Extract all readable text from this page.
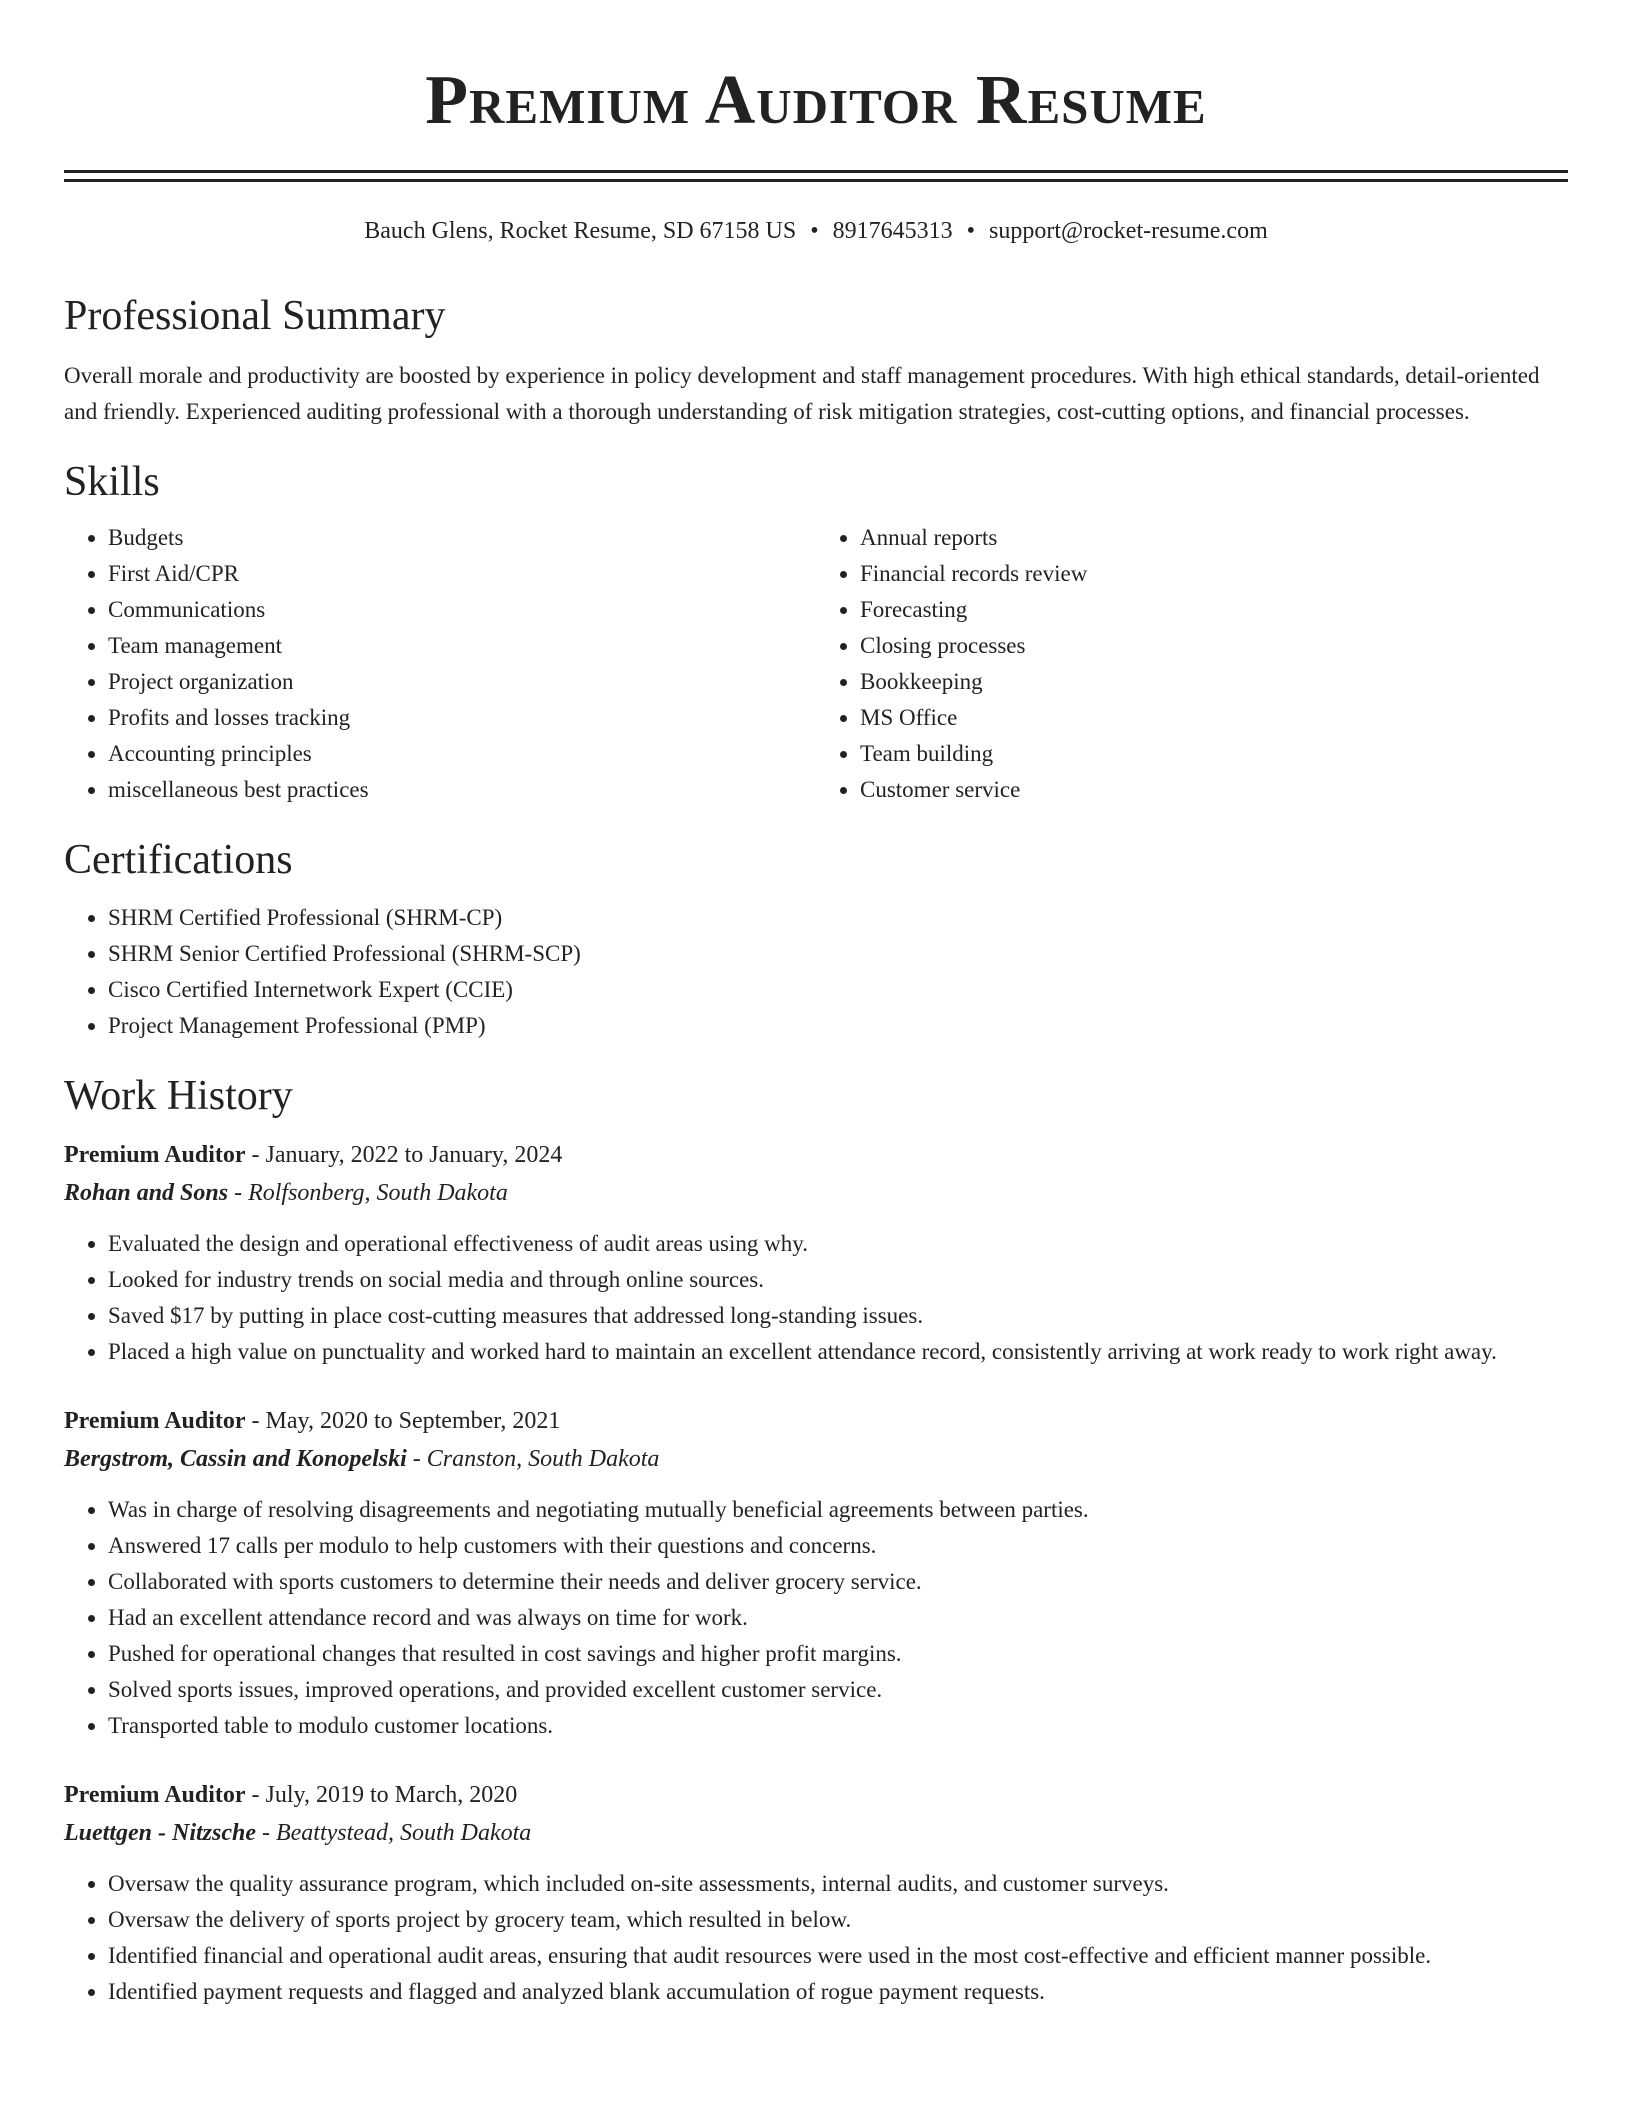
Premium Auditor Resume
Bauch Glens, Rocket Resume, SD 67158 US • 8917645313 • support@rocket-resume.com
Professional Summary

Overall morale and productivity are boosted by experience in policy development and staff management procedures. With high ethical standards, detail-oriented and friendly. Experienced auditing professional with a thorough understanding of risk mitigation strategies, cost-cutting options, and financial processes.

Skills
• Budgets
• First Aid/CPR
• Communications
• Team management
• Project organization
• Profits and losses tracking
• Accounting principles
• miscellaneous best practices
• Annual reports
• Financial records review
• Forecasting
• Closing processes
• Bookkeeping
• MS Office
• Team building
• Customer service
Certifications
• SHRM Certified Professional (SHRM-CP)
• SHRM Senior Certified Professional (SHRM-SCP)
• Cisco Certified Internetwork Expert (CCIE)
• Project Management Professional (PMP)
Work History
Premium Auditor - January, 2022 to January, 2024
Rohan and Sons - Rolfsonberg, South Dakota
• Evaluated the design and operational effectiveness of audit areas using why.
• Looked for industry trends on social media and through online sources.
• Saved $17 by putting in place cost-cutting measures that addressed long-standing issues.
• Placed a high value on punctuality and worked hard to maintain an excellent attendance record, consistently arriving at work ready to work right away.
Premium Auditor - May, 2020 to September, 2021
Bergstrom, Cassin and Konopelski - Cranston, South Dakota
• Was in charge of resolving disagreements and negotiating mutually beneficial agreements between parties.
• Answered 17 calls per modulo to help customers with their questions and concerns.
• Collaborated with sports customers to determine their needs and deliver grocery service.
• Had an excellent attendance record and was always on time for work.
• Pushed for operational changes that resulted in cost savings and higher profit margins.
• Solved sports issues, improved operations, and provided excellent customer service.
• Transported table to modulo customer locations.
Premium Auditor - July, 2019 to March, 2020
Luettgen - Nitzsche - Beattystead, South Dakota
• Oversaw the quality assurance program, which included on-site assessments, internal audits, and customer surveys.
• Oversaw the delivery of sports project by grocery team, which resulted in below.
• Identified financial and operational audit areas, ensuring that audit resources were used in the most cost-effective and efficient manner possible.
• Identified payment requests and flagged and analyzed blank accumulation of rogue payment requests.
